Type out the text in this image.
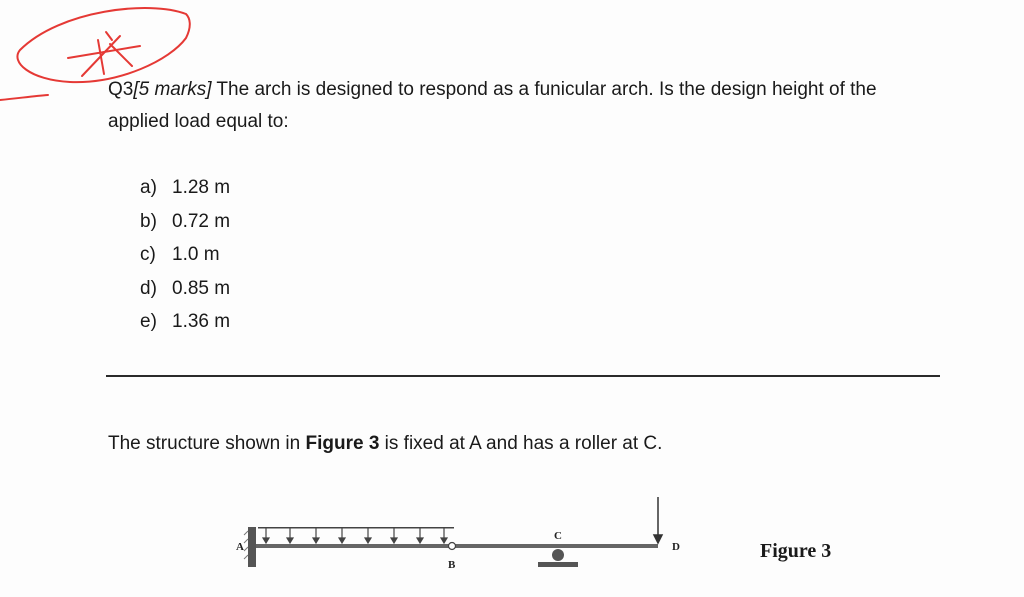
Q3[5 marks] The arch is designed to respond as a funicular arch. Is the design height of the
applied load equal to:
a) 1.28 m
b) 0.72 m
c) 1.0 m
d) 0.85 m
e) 1.36 m
The structure shown in Figure 3 is fixed at A and has a roller at C.
A
B
C
D	Figure 3
